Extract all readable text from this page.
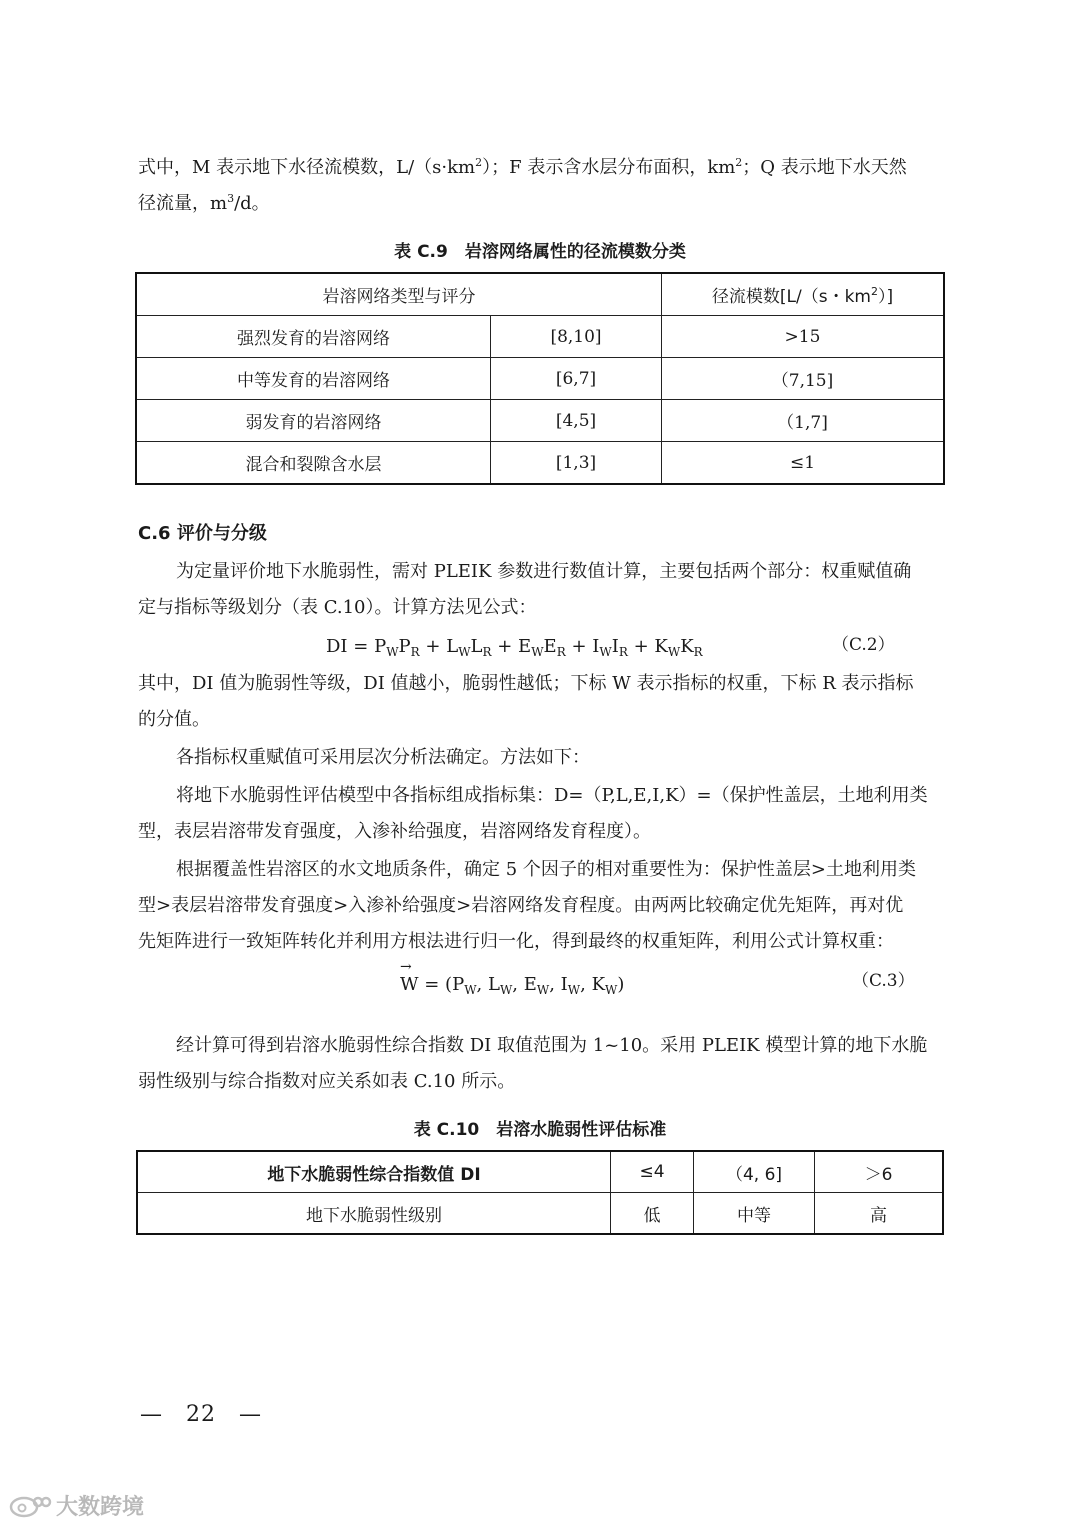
式中，M 表示地下水径流模数，$L/(s\cdot km^2)$；F 表示含水层分布面积，$km^2$；Q 表示地下水天然
径流量，$m^3/d$。
表 C.9　岩溶网络属性的径流模数分类
岩溶网络类型与评分		径流模数[L/（s・$km^2$）]
强烈发育的岩溶网络	[8,10]	>15
中等发育的岩溶网络	[6,7]	（7,15]
弱发育的岩溶网络	[4,5]	（1,7]
混合和裂隙含水层	[1,3]	≤1
C.6 评价与分级
为定量评价地下水脆弱性，需对 PLEIK 参数进行数值计算，主要包括两个部分：权重赋值确
定与指标等级划分（表 C.10）。计算方法见公式：
DI = $P_WP_R + L_WL_R + E_WE_R + I_WI_R + K_WK_R$	（C.2）
其中，DI 值为脆弱性等级，DI 值越小，脆弱性越低；下标 W 表示指标的权重，下标 R 表示指标
的分值。
各指标权重赋值可采用层次分析法确定。方法如下：
将地下水脆弱性评估模型中各指标组成指标集：D=（P,L,E,I,K）=（保护性盖层，土地利用类
型，表层岩溶带发育强度，入渗补给强度，岩溶网络发育程度）。
根据覆盖性岩溶区的水文地质条件，确定 5 个因子的相对重要性为：保护性盖层>土地利用类
型>表层岩溶带发育强度>入渗补给强度>岩溶网络发育程度。由两两比较确定优先矩阵，再对优
先矩阵进行一致矩阵转化并利用方根法进行归一化，得到最终的权重矩阵，利用公式计算权重：
→
$W = (P_W$, $L_W$, $E_W$, $I_W$, $K_W$)	（C.3）
经计算可得到岩溶水脆弱性综合指数 DI 取值范围为 1~10。采用 PLEIK 模型计算的地下水脆
弱性级别与综合指数对应关系如表 C.10 所示。
表 C.10　岩溶水脆弱性评估标准
地下水脆弱性综合指数值 DI	≤4	（4, 6]	＞6
地下水脆弱性级别	低	中等	高
—　22　—
大数跨境
